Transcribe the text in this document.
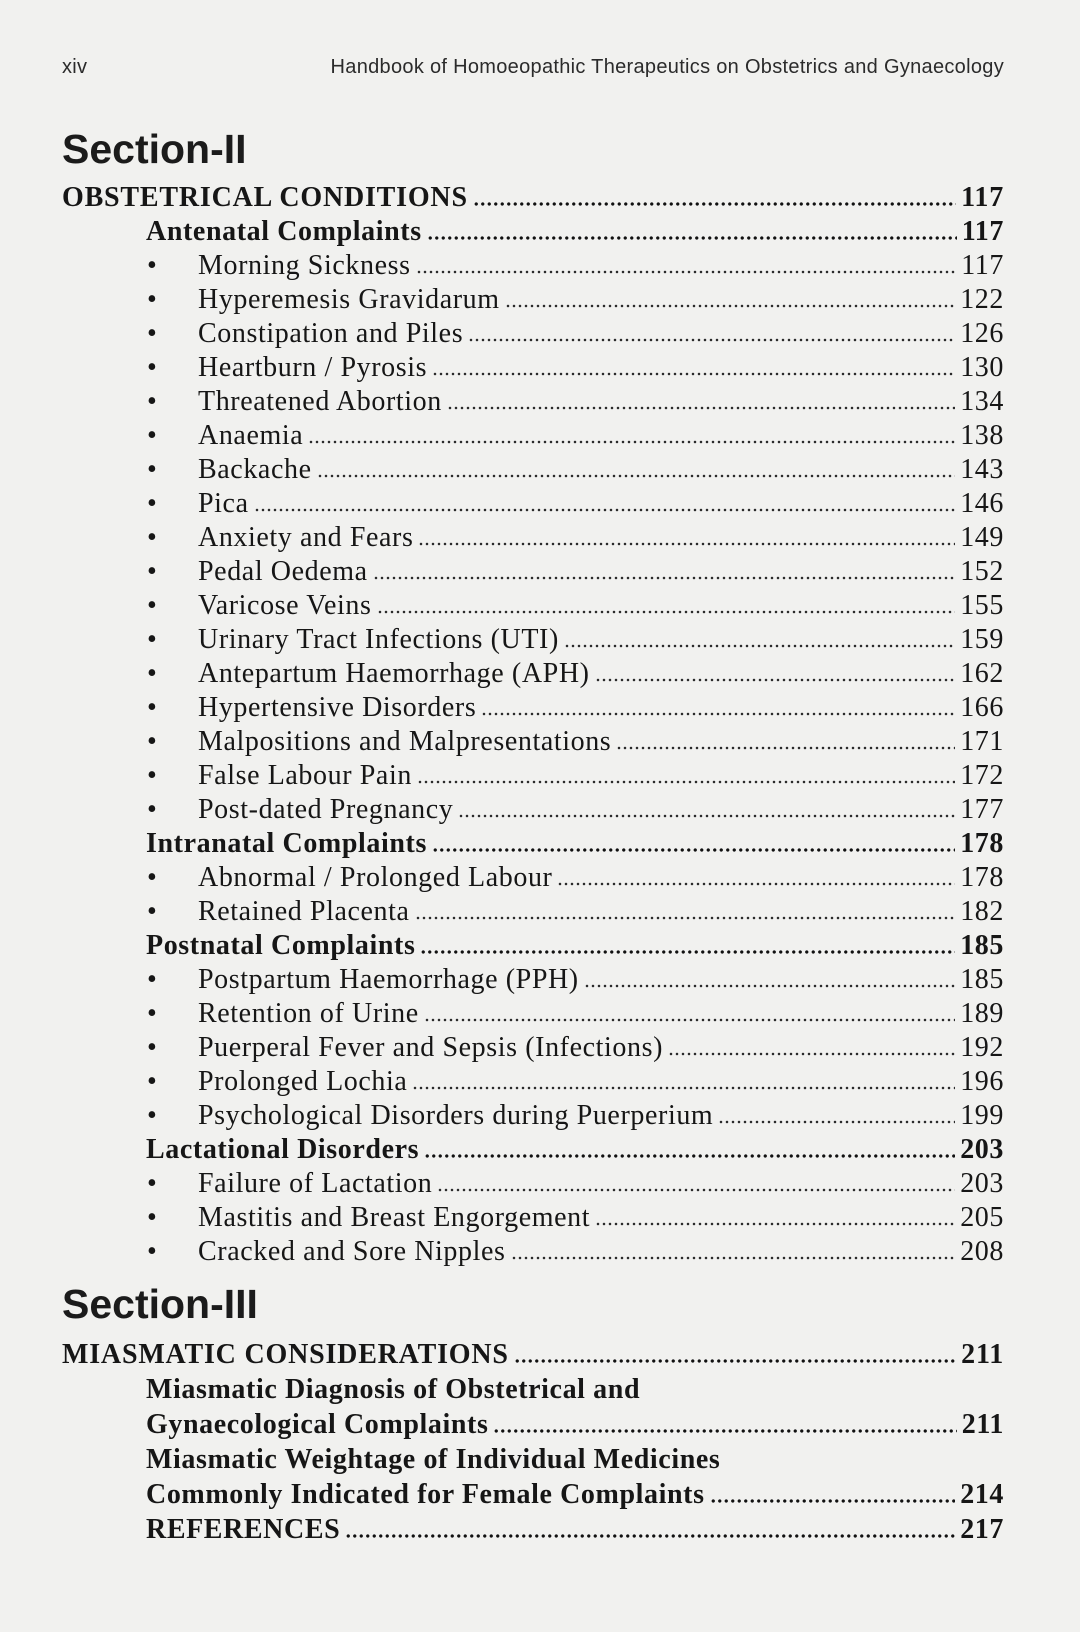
xiv	Handbook of Homoeopathic Therapeutics on Obstetrics and Gynaecology
Section-II
OBSTETRICAL CONDITIONS	117
Antenatal Complaints	117
•
Morning Sickness	117
•
Hyperemesis Gravidarum	122
•
Constipation and Piles	126
•
Heartburn / Pyrosis	130
•
Threatened Abortion	134
•
Anaemia	138
•
Backache	143
•
Pica	146
•
Anxiety and Fears	149
•
Pedal Oedema	152
•
Varicose Veins	155
•
Urinary Tract Infections (UTI)	159
•
Antepartum Haemorrhage (APH)	162
•
Hypertensive Disorders	166
•
Malpositions and Malpresentations	171
•
False Labour Pain	172
•
Post-dated Pregnancy	177
Intranatal Complaints	178
•
Abnormal / Prolonged Labour	178
•
Retained Placenta	182
Postnatal Complaints	185
•
Postpartum Haemorrhage (PPH)	185
•
Retention of Urine	189
•
Puerperal Fever and Sepsis (Infections)	192
•
Prolonged Lochia	196
•
Psychological Disorders during Puerperium	199
Lactational Disorders	203
•
Failure of Lactation	203
•
Mastitis and Breast Engorgement	205
•
Cracked and Sore Nipples	208
Section-III
MIASMATIC CONSIDERATIONS	211
Miasmatic Diagnosis of Obstetrical and
Gynaecological Complaints	211
Miasmatic Weightage of Individual Medicines
Commonly Indicated for Female Complaints	214
REFERENCES	217
